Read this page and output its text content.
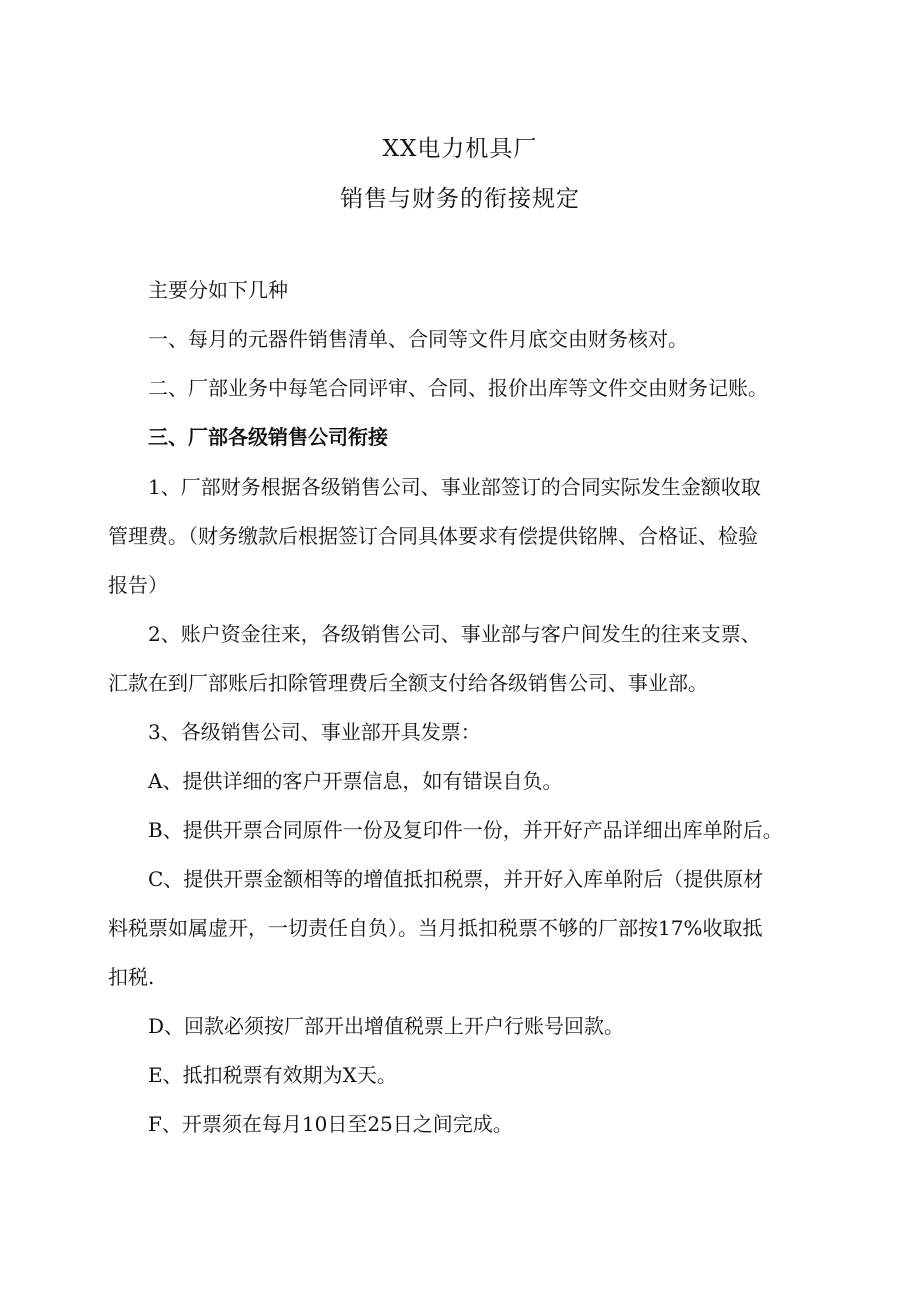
XX电力机具厂
销售与财务的衔接规定
主要分如下几种
一、每月的元器件销售清单、合同等文件月底交由财务核对。
二、厂部业务中每笔合同评审、合同、报价出库等文件交由财务记账。
三、厂部各级销售公司衔接
1、厂部财务根据各级销售公司、事业部签订的合同实际发生金额收取
管理费。（财务缴款后根据签订合同具体要求有偿提供铭牌、合格证、检验
报告）
2、账户资金往来，各级销售公司、事业部与客户间发生的往来支票、
汇款在到厂部账后扣除管理费后全额支付给各级销售公司、事业部。
3、各级销售公司、事业部开具发票：
A、提供详细的客户开票信息，如有错误自负。
B、提供开票合同原件一份及复印件一份，并开好产品详细出库单附后。
C、提供开票金额相等的增值抵扣税票，并开好入库单附后（提供原材
料税票如属虚开，一切责任自负）。当月抵扣税票不够的厂部按17%收取抵
扣税.
D、回款必须按厂部开出增值税票上开户行账号回款。
E、抵扣税票有效期为X天。
F、开票须在每月10日至25日之间完成。
